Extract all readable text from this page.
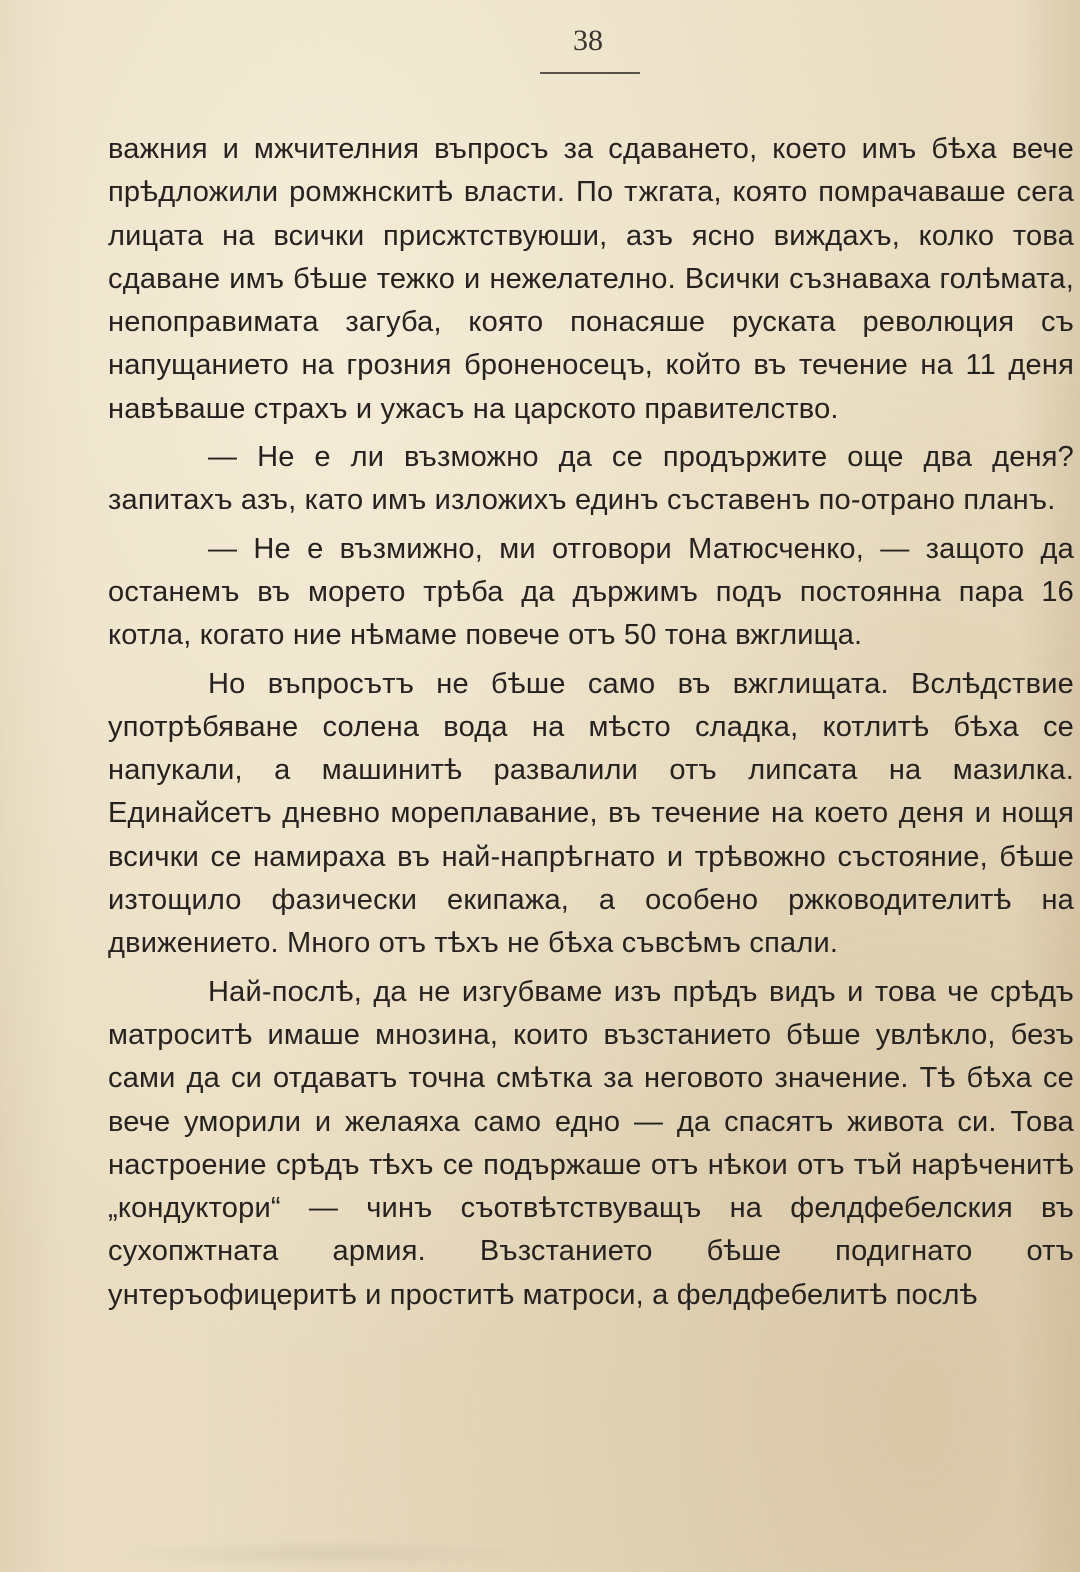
38

важния и мжчителния въпросъ за сдаването, което имъ бѣха вече прѣдложили ромжнскитѣ власти. По тжгата, която помрачаваше сега лицата на всички присжтствуюши, азъ ясно виждахъ, колко това сдаване имъ бѣше тежко и нежелателно. Всички съзнаваха голѣмата, непоправимата загуба, която понасяше руската революция съ напущанието на грозния броненосецъ, който въ течение на 11 деня навѣваше страхъ и ужасъ на царското правителство.

— Не е ли възможно да се продържите още два деня? запитахъ азъ, като имъ изложихъ единъ съставенъ по-отрано планъ.

— Не е възмижно, ми отговори Матюсченко, — защото да останемъ въ морето трѣба да държимъ подъ постоянна пара 16 котла, когато ние нѣмаме повече отъ 50 тона вжглища.

Но въпросътъ не бѣше само въ вжглищата. Вслѣдствие употрѣбяване солена вода на мѣсто сладка, котлитѣ бѣха се напукали, а машинитѣ развалили отъ липсата на мазилка. Единайсетъ дневно мореплавание, въ течение на което деня и нощя всички се намираха въ най-напрѣгнато и трѣвожно състояние, бѣше изтощило фазически екипажа, а особено ржководителитѣ на движението. Много отъ тѣхъ не бѣха съвсѣмъ спали.

Най-послѣ, да не изгубваме изъ прѣдъ видъ и това че срѣдъ матроситѣ имаше мнозина, които възстанието бѣше увлѣкло, безъ сами да си отдаватъ точна смѣтка за неговото значение. Тѣ бѣха се вече уморили и желаяха само едно — да спасятъ живота си. Това настроение срѣдъ тѣхъ се подържаше отъ нѣкои отъ тъй нарѣченитѣ „кондуктори“ — чинъ съотвѣтствуващъ на фелдфебелския въ сухопжтната армия. Възстанието бѣше подигнато отъ унтеръофицеритѣ и проститѣ матроси, а фелдфебелитѣ послѣ
